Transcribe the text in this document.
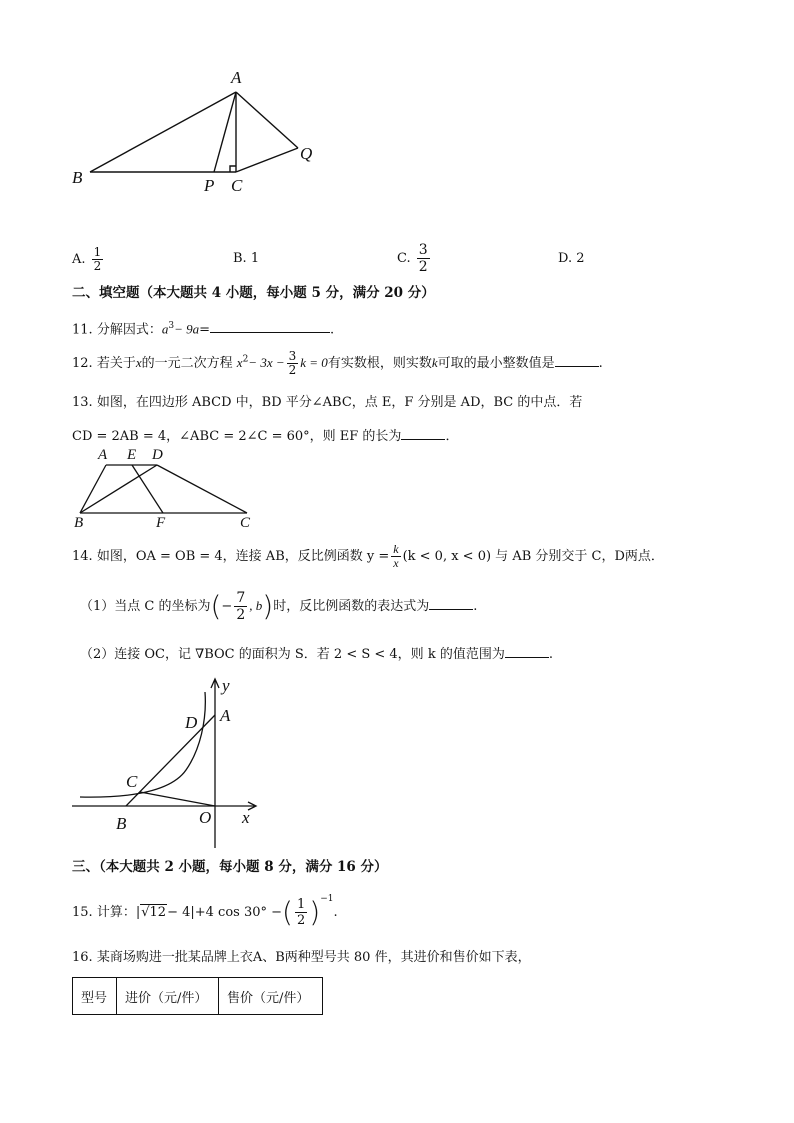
A
B	P C
Q
A. $\frac{1}{2}$	B. 1	C. $\frac{3}{2}$	D. 2
二、填空题（本大题共 4 小题，每小题 5 分，满分 20 分）
11. 分解因式：$a^3- 9a=$	.
12. 若关于x的一元二次方程 $x^2- 3x - \frac{3}{2}$ k = 0有实数根，则实数k可取的最小整数值是	.
13. 如图，在四边形 ABCD 中，BD 平分∠ABC，点 E，F 分别是 AD，BC 的中点．若
CD = 2AB = 4，∠ABC = 2∠C = 60°，则 EF 的长为	．
A E D
B	F	C
14. 如图，OA = OB = 4，连接 AB，反比例函数 $y = \frac{k}{x} (k < 0$, x < 0) 与 AB 分别交于 C，D两点．
（1）当点 C 的坐标为(− $\frac{7}{2}$ , b)时，反比例函数的表达式为	.
（2）连接 OC，记 ∇BOC 的面积为 S．若 2 < S < 4，则 k 的值范围为	.
y
A
D
C
B	O x
三、（本大题共 2 小题，每小题 8 分，满分 16 分）
15. 计算：|√12− 4|+4 cos 30° −( $\frac{1}{2} )^{-1}$.
16. 某商场购进一批某品牌上衣A、B两种型号共 80 件，其进价和售价如下表，
型号	进价（元/件）	售价（元/件）
